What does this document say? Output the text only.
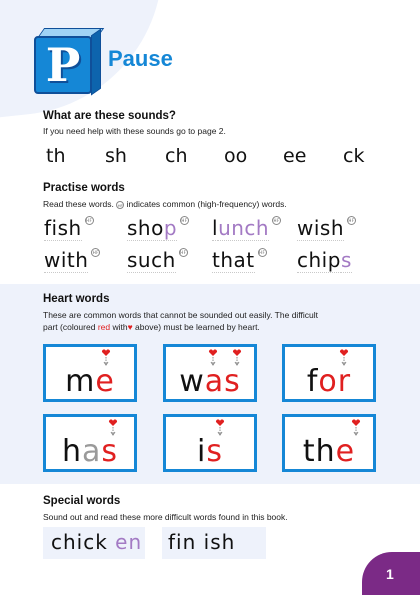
P	Pause
What are these sounds?
If you need help with these sounds go to page 2.
th sh ch oo ee ck
Practise words
Read these words. HF indicates common (high-frequency) words.
fish HF shop HF lunch HF wish HF
with HF such HF that HF chips
Heart words
These are common words that cannot be sounded out easily. The difficult
part (coloured red with♥ above) must be learned by heart.
me	was	for
has	is	the
Special words
Sound out and read these more difficult words found in this book.
chick en fin ish
1
